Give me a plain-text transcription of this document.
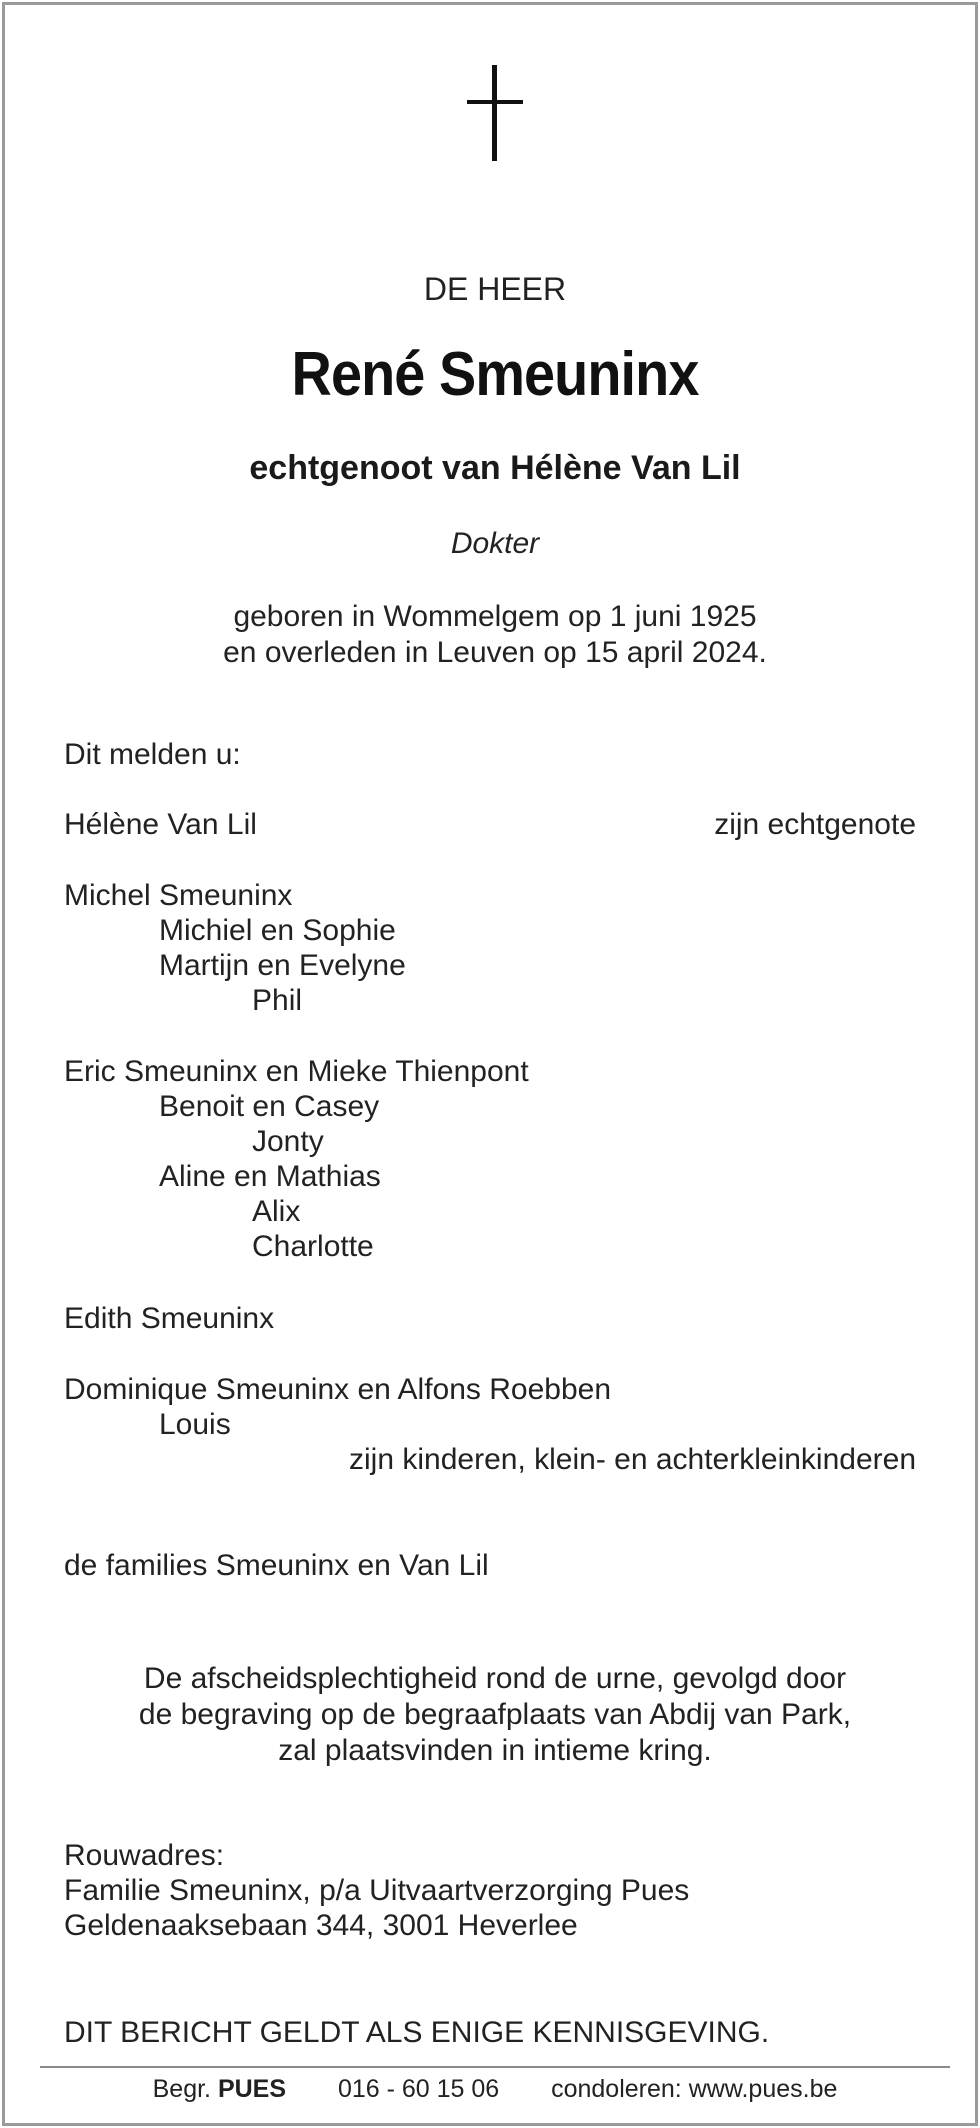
DE HEER
René Smeuninx
echtgenoot van Hélène Van Lil
Dokter
geboren in Wommelgem op 1 juni 1925
en overleden in Leuven op 15 april 2024.
Dit melden u:
Hélène Van Lil	zijn echtgenote
Michel Smeuninx
Michiel en Sophie
Martijn en Evelyne
Phil
Eric Smeuninx en Mieke Thienpont
Benoit en Casey
Jonty
Aline en Mathias
Alix
Charlotte
Edith Smeuninx
Dominique Smeuninx en Alfons Roebben
Louis
zijn kinderen, klein- en achterkleinkinderen
de families Smeuninx en Van Lil
De afscheidsplechtigheid rond de urne, gevolgd door
de begraving op de begraafplaats van Abdij van Park,
zal plaatsvinden in intieme kring.
Rouwadres:
Familie Smeuninx, p/a Uitvaartverzorging Pues
Geldenaaksebaan 344, 3001 Heverlee
DIT BERICHT GELDT ALS ENIGE KENNISGEVING.
Begr. PUES 016 - 60 15 06 condoleren: www.pues.be
